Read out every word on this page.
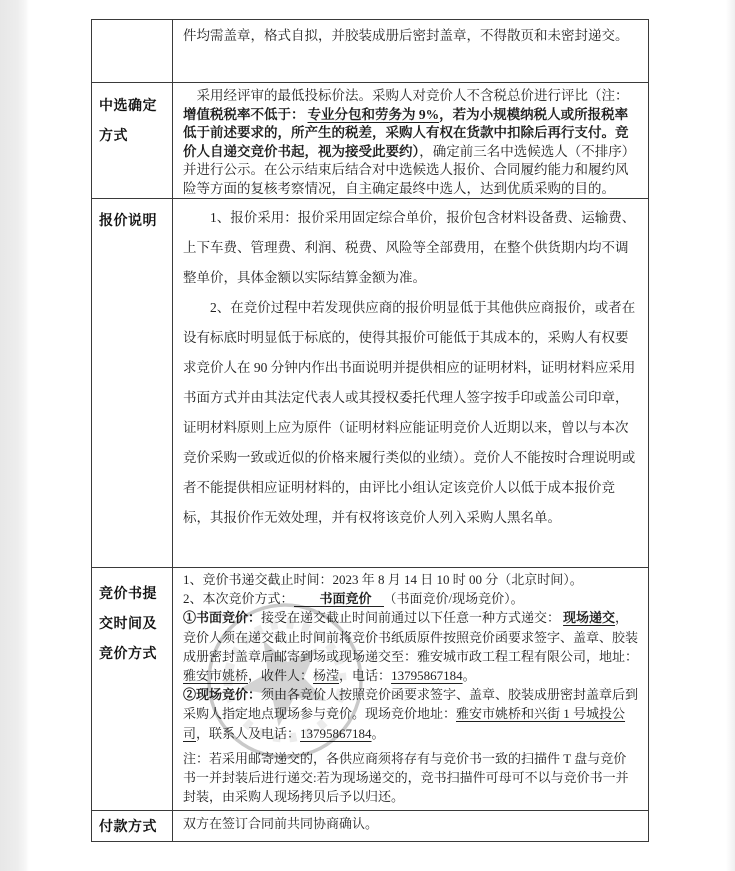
件均需盖章，格式自拟，并胶装成册后密封盖章，不得散页和未密封递交。
中选确定方式
采用经评审的最低投标价法。采购人对竞价人不含税总价进行评比（注：增值税税率不低于： 专业分包和劳务为 9%，若为小规模纳税人或所报税率低于前述要求的，所产生的税差，采购人有权在货款中扣除后再行支付。竞价人自递交竞价书起，视为接受此要约），确定前三名中选候选人（不排序）并进行公示。在公示结束后结合对中选候选人报价、合同履约能力和履约风险等方面的复核考察情况，自主确定最终中选人，达到优质采购的目的。
报价说明	1、报价采用：报价采用固定综合单价，报价包含材料设备费、运输费、上下车费、管理费、利润、税费、风险等全部费用，在整个供货期内均不调整单价，具体金额以实际结算金额为准。

2、在竞价过程中若发现供应商的报价明显低于其他供应商报价，或者在设有标底时明显低于标底的，使得其报价可能低于其成本的，采购人有权要求竞价人在 90 分钟内作出书面说明并提供相应的证明材料，证明材料应采用书面方式并由其法定代表人或其授权委托代理人签字按手印或盖公司印章，证明材料原则上应为原件（证明材料应能证明竞价人近期以来，曾以与本次竞价采购一致或近似的价格来履行类似的业绩）。竞价人不能按时合理说明或者不能提供相应证明材料的，由评比小组认定该竞价人以低于成本报价竞标，其报价作无效处理，并有权将该竞价人列入采购人黑名单。

竞价书提交时间及竞价方式

1、竞价书递交截止时间：2023 年 8 月 14 日 10 时 00 分（北京时间）。

2、本次竞价方式： 书面竞价 （书面竞价/现场竞价）。

①书面竞价：接受在递交截止时间前通过以下任意一种方式递交： 现场递交，竞价人须在递交截止时间前将竞价书纸质原件按照竞价函要求签字、盖章、胶装成册密封盖章后邮寄到场或现场递交至：雅安城市政工程工程有限公司，地址：雅安市姚桥，收件人：杨滢，电话：13795867184。

②现场竞价：须由各竞价人按照竞价函要求签字、盖章、胶装成册密封盖章后到采购人指定地点现场参与竞价。现场竞价地址：雅安市姚桥和兴街 1 号城投公司，联系人及电话：13795867184。

注：若采用邮寄递交的，各供应商须将存有与竞价书一致的扫描件 T 盘与竞价书一并封装后进行递交:若为现场递交的，竞书扫描件可母可不以与竞价书一并封装，由采购人现场拷贝后予以归还。

付款方式	双方在签订合同前共同协商确认。
